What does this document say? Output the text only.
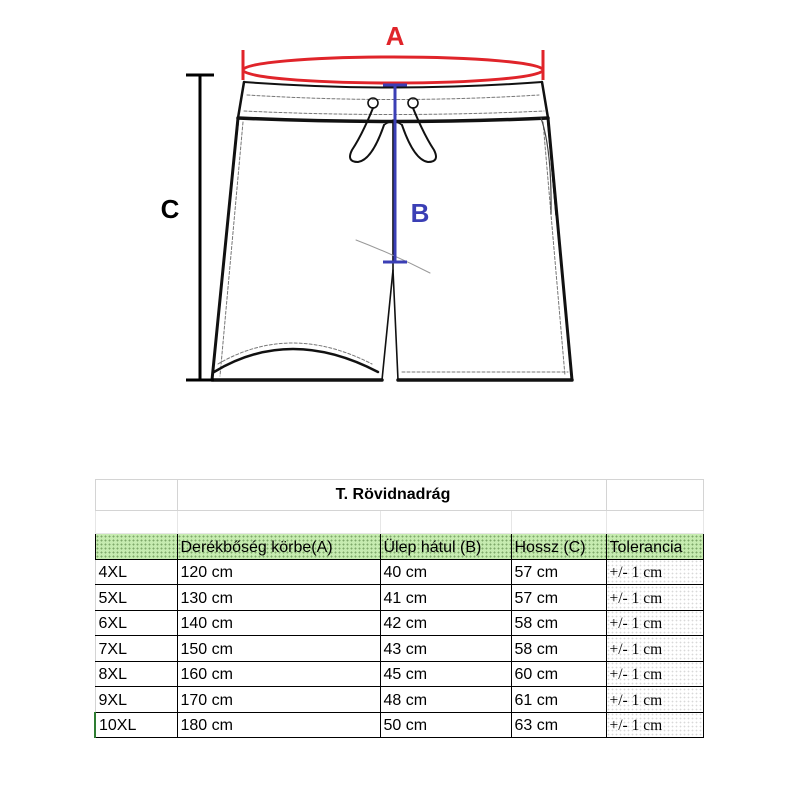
A
B
C
	T. Rövidnadrág			

	Derékbőség körbe(A)	Ülep hátul (B)	Hossz (C)	Tolerancia
4XL	120 cm	40 cm	57 cm	+/- 1 cm
5XL	130 cm	41 cm	57 cm	+/- 1 cm
6XL	140 cm	42 cm	58 cm	+/- 1 cm
7XL	150 cm	43 cm	58 cm	+/- 1 cm
8XL	160 cm	45 cm	60 cm	+/- 1 cm
9XL	170 cm	48 cm	61 cm	+/- 1 cm
10XL	180 cm	50 cm	63 cm	+/- 1 cm
